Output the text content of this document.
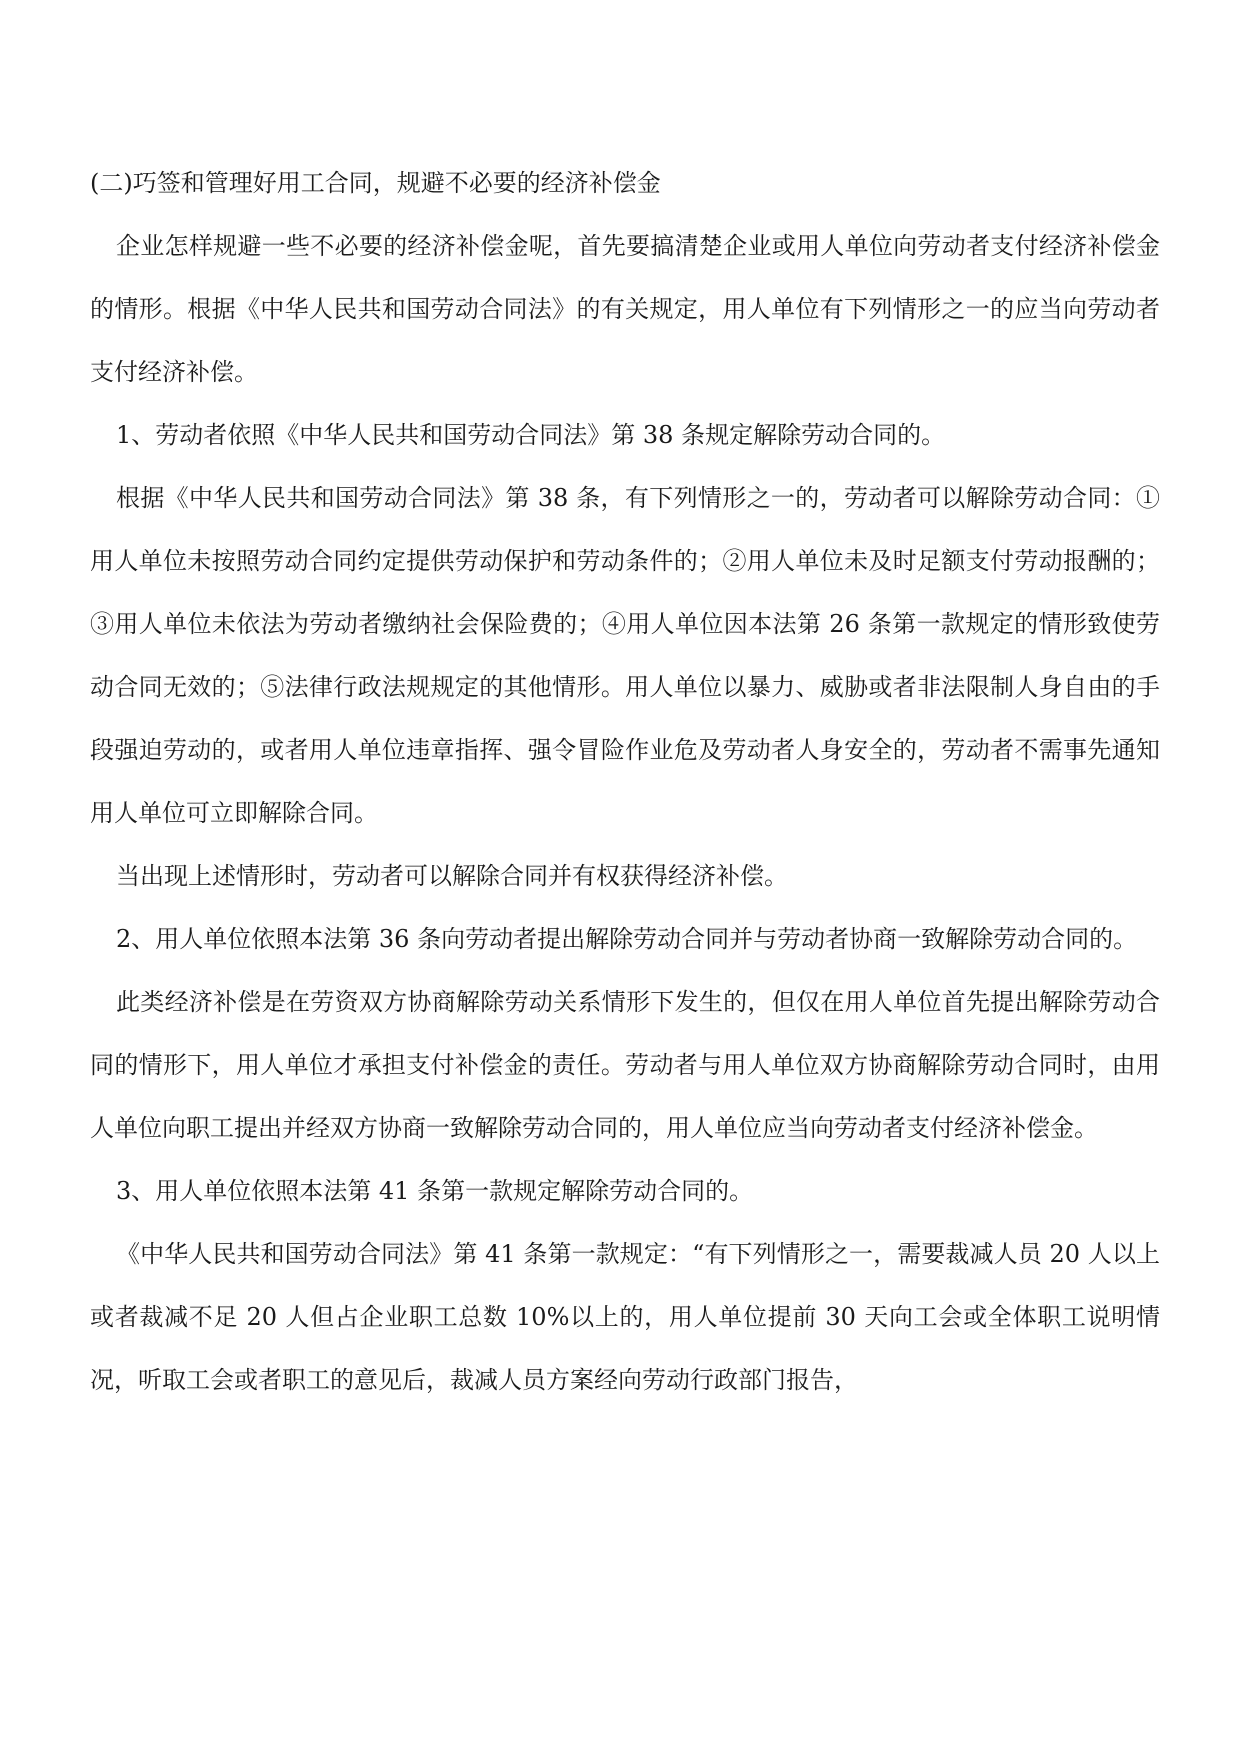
(二)巧签和管理好用工合同，规避不必要的经济补偿金

企业怎样规避一些不必要的经济补偿金呢，首先要搞清楚企业或用人单位向劳动者支付经济补偿金的情形。根据《中华人民共和国劳动合同法》的有关规定，用人单位有下列情形之一的应当向劳动者支付经济补偿。

1、劳动者依照《中华人民共和国劳动合同法》第 38 条规定解除劳动合同的。

根据《中华人民共和国劳动合同法》第 38 条，有下列情形之一的，劳动者可以解除劳动合同：①用人单位未按照劳动合同约定提供劳动保护和劳动条件的；②用人单位未及时足额支付劳动报酬的；③用人单位未依法为劳动者缴纳社会保险费的；④用人单位因本法第 26 条第一款规定的情形致使劳动合同无效的；⑤法律行政法规规定的其他情形。用人单位以暴力、威胁或者非法限制人身自由的手段强迫劳动的，或者用人单位违章指挥、强令冒险作业危及劳动者人身安全的，劳动者不需事先通知用人单位可立即解除合同。

当出现上述情形时，劳动者可以解除合同并有权获得经济补偿。

2、用人单位依照本法第 36 条向劳动者提出解除劳动合同并与劳动者协商一致解除劳动合同的。

此类经济补偿是在劳资双方协商解除劳动关系情形下发生的，但仅在用人单位首先提出解除劳动合同的情形下，用人单位才承担支付补偿金的责任。劳动者与用人单位双方协商解除劳动合同时，由用人单位向职工提出并经双方协商一致解除劳动合同的，用人单位应当向劳动者支付经济补偿金。

3、用人单位依照本法第 41 条第一款规定解除劳动合同的。

《中华人民共和国劳动合同法》第 41 条第一款规定：“有下列情形之一，需要裁减人员 20 人以上或者裁减不足 20 人但占企业职工总数 10%以上的，用人单位提前 30 天向工会或全体职工说明情况，听取工会或者职工的意见后，裁减人员方案经向劳动行政部门报告，
